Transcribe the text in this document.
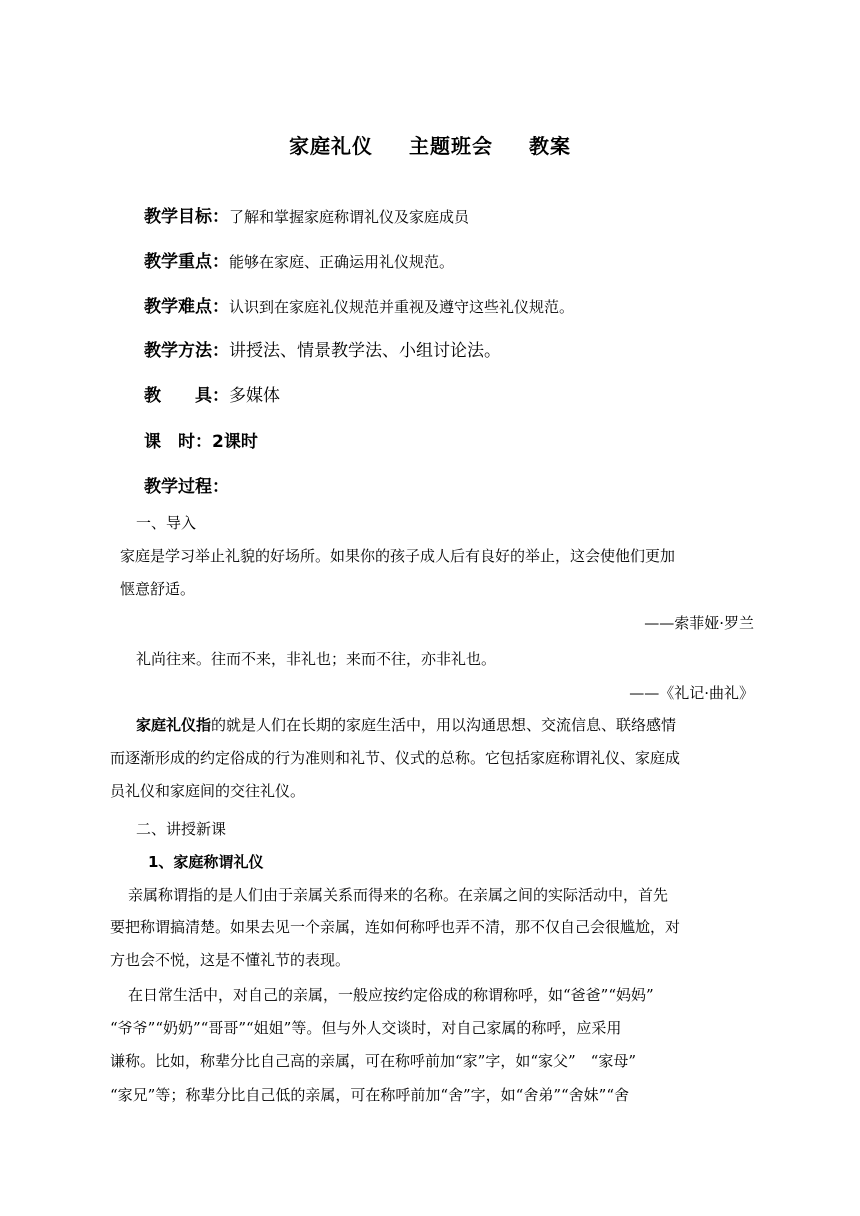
家庭礼仪 主题班会 教案
教学目标：了解和掌握家庭称谓礼仪及家庭成员
教学重点：能够在家庭、正确运用礼仪规范。
教学难点：认识到在家庭礼仪规范并重视及遵守这些礼仪规范。
教学方法：讲授法、情景教学法、小组讨论法。
教　　具：多媒体
课　时：2课时
教学过程：
一、导入
家庭是学习举止礼貌的好场所。如果你的孩子成人后有良好的举止，这会使他们更加
惬意舒适。
——索菲娅·罗兰
礼尚往来。往而不来，非礼也；来而不往，亦非礼也。
——《礼记·曲礼》
家庭礼仪指的就是人们在长期的家庭生活中，用以沟通思想、交流信息、联络感情
而逐渐形成的约定俗成的行为准则和礼节、仪式的总称。它包括家庭称谓礼仪、家庭成
员礼仪和家庭间的交往礼仪。
二、讲授新课
1、家庭称谓礼仪
亲属称谓指的是人们由于亲属关系而得来的名称。在亲属之间的实际活动中，首先
要把称谓搞清楚。如果去见一个亲属，连如何称呼也弄不清，那不仅自己会很尴尬，对
方也会不悦，这是不懂礼节的表现。
在日常生活中，对自己的亲属，一般应按约定俗成的称谓称呼，如“爸爸”“妈妈”
“爷爷”“奶奶”“哥哥”“姐姐”等。但与外人交谈时，对自己家属的称呼，应采用
谦称。比如，称辈分比自己高的亲属，可在称呼前加“家”字，如“家父”　“家母”
“家兄”等；称辈分比自己低的亲属，可在称呼前加“舍”字，如“舍弟”“舍妹”“舍
